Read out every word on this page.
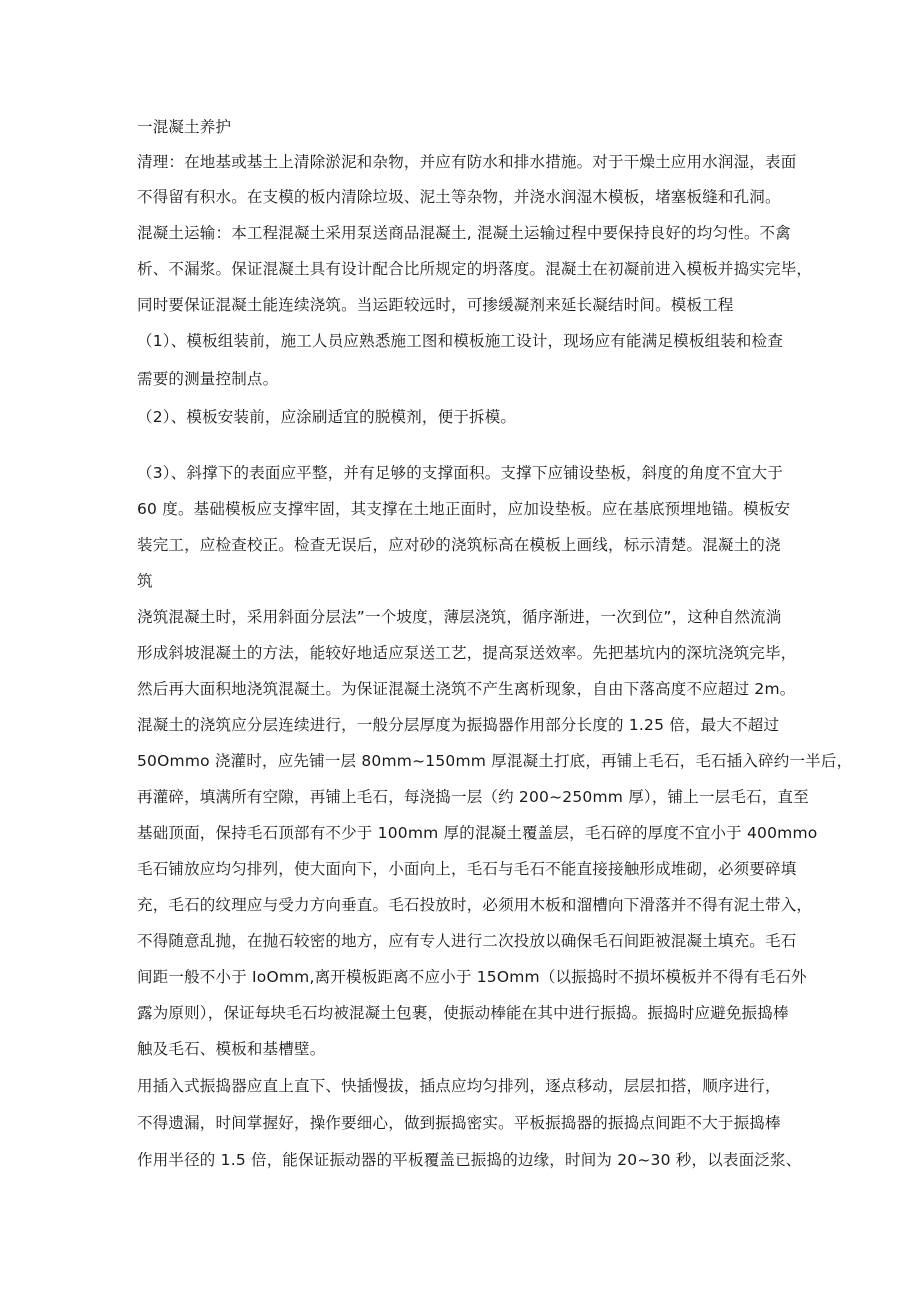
一混凝土养护
清理：在地基或基土上清除淤泥和杂物，并应有防水和排水措施。对于干燥土应用水润湿，表面
不得留有积水。在支模的板内清除垃圾、泥土等杂物，并浇水润湿木模板，堵塞板缝和孔洞。
混凝土运输：本工程混凝土采用泵送商品混凝土, 混凝土运输过程中要保持良好的均匀性。不禽
析、不漏浆。保证混凝土具有设计配合比所规定的坍落度。混凝土在初凝前进入模板并捣实完毕，
同时要保证混凝土能连续浇筑。当运距较远时，可掺缓凝剂来延长凝结时间。模板工程
（1）、模板组装前，施工人员应熟悉施工图和模板施工设计，现场应有能满足模板组装和检查
需要的测量控制点。
（2）、模板安装前，应涂刷适宜的脱模剂，便于拆模。
（3）、斜撑下的表面应平整，并有足够的支撑面积。支撑下应铺设垫板，斜度的角度不宜大于
60 度。基础模板应支撑牢固，其支撑在土地正面时，应加设垫板。应在基底预埋地锚。模板安
装完工，应检查校正。检查无误后，应对砂的浇筑标高在模板上画线，标示清楚。混凝土的浇
筑
浇筑混凝土时，采用斜面分层法”一个坡度，薄层浇筑，循序渐进，一次到位”，这种自然流淌
形成斜坡混凝土的方法，能较好地适应泵送工艺，提高泵送效率。先把基坑内的深坑浇筑完毕，
然后再大面积地浇筑混凝土。为保证混凝土浇筑不产生离析现象，自由下落高度不应超过 2m。
混凝土的浇筑应分层连续进行，一般分层厚度为振捣器作用部分长度的 1.25 倍，最大不超过
50Ommo 浇灌时，应先铺一层 80mm~150mm 厚混凝土打底，再铺上毛石，毛石插入碎约一半后，
再灌碎，填满所有空隙，再铺上毛石，每浇捣一层（约 200~250mm 厚），铺上一层毛石，直至
基础顶面，保持毛石顶部有不少于 100mm 厚的混凝土覆盖层，毛石碎的厚度不宜小于 400mmo
毛石铺放应均匀排列，使大面向下，小面向上，毛石与毛石不能直接接触形成堆砌，必须要碎填
充，毛石的纹理应与受力方向垂直。毛石投放时，必须用木板和溜槽向下滑落并不得有泥土带入，
不得随意乱抛，在抛石较密的地方，应有专人进行二次投放以确保毛石间距被混凝土填充。毛石
间距一般不小于 IoOmm,离开模板距离不应小于 15Omm（以振捣时不损坏模板并不得有毛石外
露为原则），保证每块毛石均被混凝土包裹，使振动棒能在其中进行振捣。振捣时应避免振捣棒
触及毛石、模板和基槽壁。
用插入式振捣器应直上直下、快插慢拔，插点应均匀排列，逐点移动，层层扣搭，顺序进行，
不得遗漏，时间掌握好，操作要细心，做到振捣密实。平板振捣器的振捣点间距不大于振捣棒
作用半径的 1.5 倍，能保证振动器的平板覆盖已振捣的边缘，时间为 20~30 秒，以表面泛浆、
